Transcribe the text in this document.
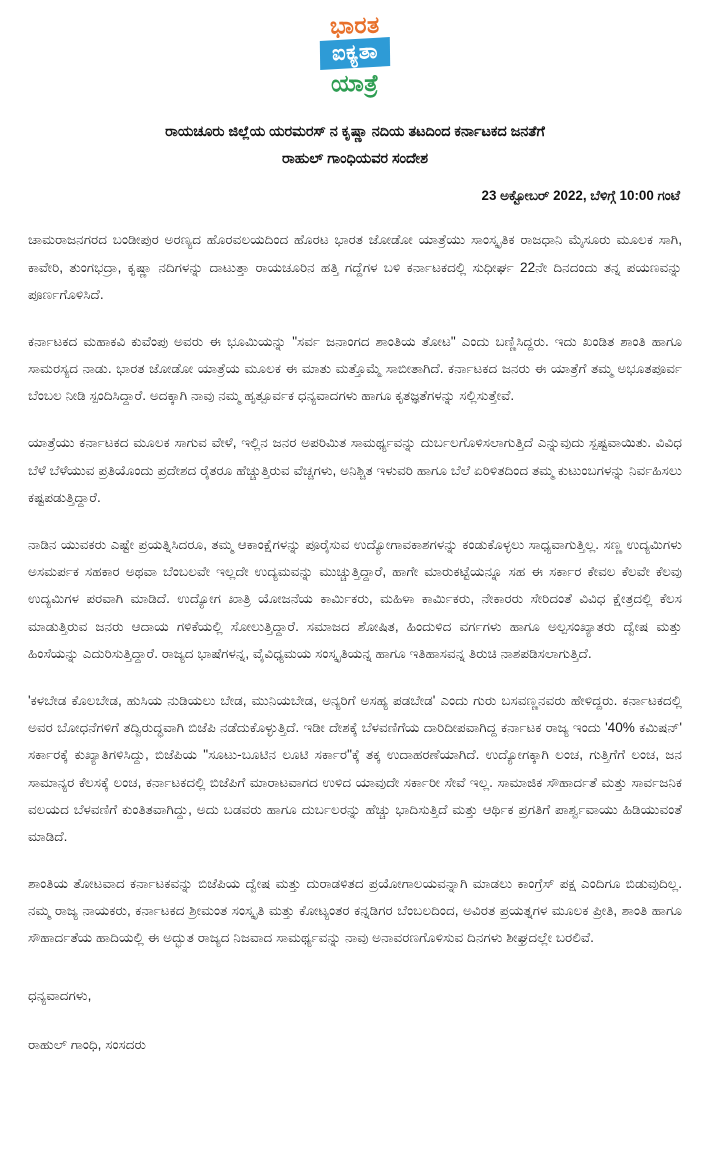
ಭಾರತ
ಐಕ್ಯತಾ
ಯಾತ್ರೆ
ರಾಯಚೂರು ಜಿಲ್ಲೆಯ ಯರಮರಸ್ ನ ಕೃಷ್ಣಾ ನದಿಯ ತಟದಿಂದ ಕರ್ನಾಟಕದ ಜನತೆಗೆ
ರಾಹುಲ್ ಗಾಂಧಿಯವರ ಸಂದೇಶ
23 ಅಕ್ಟೋಬರ್ 2022, ಬೆಳಿಗ್ಗೆ 10:00 ಗಂಟೆ

ಚಾಮರಾಜನಗರದ ಬಂಡೀಪುರ ಅರಣ್ಯದ ಹೊರವಲಯದಿಂದ ಹೊರಟ ಭಾರತ ಜೋಡೋ ಯಾತ್ರೆಯು ಸಾಂಸ್ಕೃತಿಕ ರಾಜಧಾನಿ ಮೈಸೂರು ಮೂಲಕ ಸಾಗಿ, ಕಾವೇರಿ, ತುಂಗಭದ್ರಾ, ಕೃಷ್ಣಾ ನದಿಗಳನ್ನು ದಾಟುತ್ತಾ ರಾಯಚೂರಿನ ಹತ್ತಿ ಗದ್ದೆಗಳ ಬಳಿ ಕರ್ನಾಟಕದಲ್ಲಿ ಸುಧೀರ್ಘ 22ನೇ ದಿನದಂದು ತನ್ನ ಪಯಣವನ್ನು ಪೂರ್ಣಗೊಳಿಸಿದೆ.

ಕರ್ನಾಟಕದ ಮಹಾಕವಿ ಕುವೆಂಪು ಅವರು ಈ ಭೂಮಿಯನ್ನು "ಸರ್ವ ಜನಾಂಗದ ಶಾಂತಿಯ ತೋಟ" ಎಂದು ಬಣ್ಣಿಸಿದ್ದರು. ಇದು ಖಂಡಿತ ಶಾಂತಿ ಹಾಗೂ ಸಾಮರಸ್ಯದ ನಾಡು. ಭಾರತ ಜೋಡೋ ಯಾತ್ರೆಯ ಮೂಲಕ ಈ ಮಾತು ಮತ್ತೊಮ್ಮೆ ಸಾಬೀತಾಗಿದೆ. ಕರ್ನಾಟಕದ ಜನರು ಈ ಯಾತ್ರೆಗೆ ತಮ್ಮ ಅಭೂತಪೂರ್ವ ಬೆಂಬಲ ನೀಡಿ ಸ್ಪಂದಿಸಿದ್ದಾರೆ. ಅದಕ್ಕಾಗಿ ನಾವು ನಮ್ಮ ಹೃತ್ಪೂರ್ವಕ ಧನ್ಯವಾದಗಳು ಹಾಗೂ ಕೃತಜ್ಞತೆಗಳನ್ನು ಸಲ್ಲಿಸುತ್ತೇವೆ.

ಯಾತ್ರೆಯು ಕರ್ನಾಟಕದ ಮೂಲಕ ಸಾಗುವ ವೇಳೆ, ಇಲ್ಲಿನ ಜನರ ಅಪರಿಮಿತ ಸಾಮರ್ಥ್ಯವನ್ನು ದುರ್ಬಲಗೊಳಿಸಲಾಗುತ್ತಿದೆ ಎನ್ನುವುದು ಸ್ಪಷ್ಟವಾಯಿತು. ವಿವಿಧ ಬೆಳೆ ಬೆಳೆಯುವ ಪ್ರತಿಯೊಂದು ಪ್ರದೇಶದ ರೈತರೂ ಹೆಚ್ಚುತ್ತಿರುವ ವೆಚ್ಚಗಳು, ಅನಿಶ್ಚಿತ ಇಳುವರಿ ಹಾಗೂ ಬೆಲೆ ಏರಿಳಿತದಿಂದ ತಮ್ಮ ಕುಟುಂಬಗಳನ್ನು ನಿರ್ವಹಿಸಲು ಕಷ್ಟಪಡುತ್ತಿದ್ದಾರೆ.

ನಾಡಿನ ಯುವಕರು ಎಷ್ಟೇ ಪ್ರಯತ್ನಿಸಿದರೂ, ತಮ್ಮ ಆಕಾಂಕ್ಷೆಗಳನ್ನು ಪೂರೈಸುವ ಉದ್ಯೋಗಾವಕಾಶಗಳನ್ನು ಕಂಡುಕೊಳ್ಳಲು ಸಾಧ್ಯವಾಗುತ್ತಿಲ್ಲ. ಸಣ್ಣ ಉದ್ಯಮಿಗಳು ಅಸಮರ್ಪಕ ಸಹಕಾರ ಅಥವಾ ಬೆಂಬಲವೇ ಇಲ್ಲದೇ ಉದ್ಯಮವನ್ನು ಮುಚ್ಚುತ್ತಿದ್ದಾರೆ, ಹಾಗೇ ಮಾರುಕಟ್ಟೆಯನ್ನೂ ಸಹ ಈ ಸರ್ಕಾರ ಕೇವಲ ಕೆಲವೇ ಕೆಲವು ಉದ್ಯಮಿಗಳ ಪರವಾಗಿ ಮಾಡಿದೆ. ಉದ್ಯೋಗ ಖಾತ್ರಿ ಯೋಜನೆಯ ಕಾರ್ಮಿಕರು, ಮಹಿಳಾ ಕಾರ್ಮಿಕರು, ನೇಕಾರರು ಸೇರಿದಂತೆ ವಿವಿಧ ಕ್ಷೇತ್ರದಲ್ಲಿ ಕೆಲಸ ಮಾಡುತ್ತಿರುವ ಜನರು ಆದಾಯ ಗಳಿಕೆಯಲ್ಲಿ ಸೋಲುತ್ತಿದ್ದಾರೆ. ಸಮಾಜದ ಶೋಷಿತ, ಹಿಂದುಳಿದ ವರ್ಗಗಳು ಹಾಗೂ ಅಲ್ಪಸಂಖ್ಯಾತರು ದ್ವೇಷ ಮತ್ತು ಹಿಂಸೆಯನ್ನು ಎದುರಿಸುತ್ತಿದ್ದಾರೆ. ರಾಜ್ಯದ ಭಾಷೆಗಳನ್ನ, ವೈವಿಧ್ಯಮಯ ಸಂಸ್ಕೃತಿಯನ್ನ ಹಾಗೂ ಇತಿಹಾಸವನ್ನ ತಿರುಚಿ ನಾಶಪಡಿಸಲಾಗುತ್ತಿದೆ.

'ಕಳಬೇಡ ಕೊಲಬೇಡ, ಹುಸಿಯ ನುಡಿಯಲು ಬೇಡ, ಮುನಿಯಬೇಡ, ಅನ್ಯರಿಗೆ ಅಸಹ್ಯ ಪಡಬೇಡ' ಎಂದು ಗುರು ಬಸವಣ್ಣನವರು ಹೇಳಿದ್ದರು. ಕರ್ನಾಟಕದಲ್ಲಿ ಅವರ ಬೋಧನೆಗಳಿಗೆ ತದ್ವಿರುದ್ಧವಾಗಿ ಬಿಜೆಪಿ ನಡೆದುಕೊಳ್ಳುತ್ತಿದೆ. ಇಡೀ ದೇಶಕ್ಕೆ ಬೆಳವಣಿಗೆಯ ದಾರಿದೀಪವಾಗಿದ್ದ ಕರ್ನಾಟಕ ರಾಜ್ಯ ಇಂದು '40% ಕಮಿಷನ್' ಸರ್ಕಾರಕ್ಕೆ ಕುಖ್ಯಾತಿಗಳಿಸಿದ್ದು, ಬಿಜೆಪಿಯ "ಸೂಟು-ಬೂಟಿನ ಲೂಟಿ ಸರ್ಕಾರ"ಕ್ಕೆ ತಕ್ಕ ಉದಾಹರಣೆಯಾಗಿದೆ. ಉದ್ಯೋಗಕ್ಕಾಗಿ ಲಂಚ, ಗುತ್ತಿಗೆಗೆ ಲಂಚ, ಜನ ಸಾಮಾನ್ಯರ ಕೆಲಸಕ್ಕೆ ಲಂಚ, ಕರ್ನಾಟಕದಲ್ಲಿ ಬಿಜೆಪಿಗೆ ಮಾರಾಟವಾಗದ ಉಳಿದ ಯಾವುದೇ ಸರ್ಕಾರೀ ಸೇವೆ ಇಲ್ಲ. ಸಾಮಾಜಿಕ ಸೌಹಾರ್ದತೆ ಮತ್ತು ಸಾರ್ವಜನಿಕ ವಲಯದ ಬೆಳವಣಿಗೆ ಕುಂತಿತವಾಗಿದ್ದು, ಅದು ಬಡವರು ಹಾಗೂ ದುರ್ಬಲರನ್ನು ಹೆಚ್ಚು ಭಾದಿಸುತ್ತಿದೆ ಮತ್ತು ಆರ್ಥಿಕ ಪ್ರಗತಿಗೆ ಪಾರ್ಶ್ವವಾಯು ಹಿಡಿಯುವಂತೆ ಮಾಡಿದೆ.

ಶಾಂತಿಯ ತೋಟವಾದ ಕರ್ನಾಟಕವನ್ನು ಬಿಜೆಪಿಯ ದ್ವೇಷ ಮತ್ತು ದುರಾಡಳಿತದ ಪ್ರಯೋಗಾಲಯವನ್ನಾಗಿ ಮಾಡಲು ಕಾಂಗ್ರೆಸ್ ಪಕ್ಷ ಎಂದಿಗೂ ಬಿಡುವುದಿಲ್ಲ. ನಮ್ಮ ರಾಜ್ಯ ನಾಯಕರು, ಕರ್ನಾಟಕದ ಶ್ರೀಮಂತ ಸಂಸ್ಕೃತಿ ಮತ್ತು ಕೋಟ್ಯಂತರ ಕನ್ನಡಿಗರ ಬೆಂಬಲದಿಂದ, ಅವಿರತ ಪ್ರಯತ್ನಗಳ ಮೂಲಕ ಪ್ರೀತಿ, ಶಾಂತಿ ಹಾಗೂ ಸೌಹಾರ್ದತೆಯ ಹಾದಿಯಲ್ಲಿ ಈ ಅದ್ಭುತ ರಾಜ್ಯದ ನಿಜವಾದ ಸಾಮರ್ಥ್ಯವನ್ನು ನಾವು ಅನಾವರಣಗೊಳಿಸುವ ದಿನಗಳು ಶೀಘ್ರದಲ್ಲೇ ಬರಲಿವೆ.

ಧನ್ಯವಾದಗಳು,

ರಾಹುಲ್ ಗಾಂಧಿ, ಸಂಸದರು
